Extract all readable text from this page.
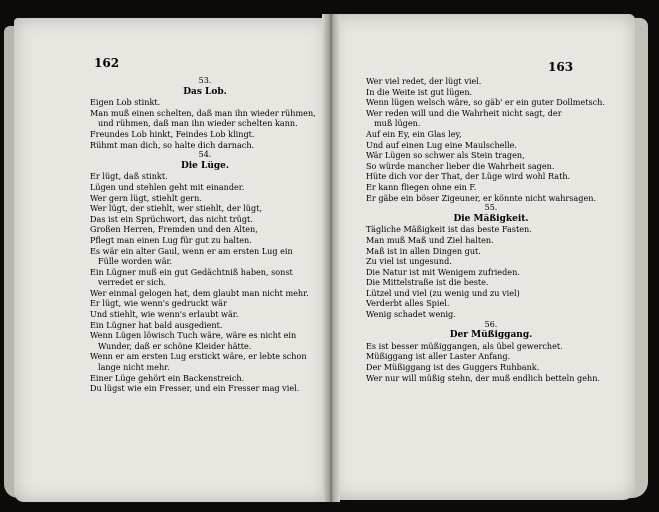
162	163
53.
Das Lob.
Eigen Lob stinkt.
Man muß einen schelten, daß man ihn wieder rühmen,
und rühmen, daß man ihn wieder schelten kann.
Freundes Lob hinkt, Feindes Lob klingt.
Rühmt man dich, so halte dich darnach.
54.
Die Lüge.
Er lügt, daß stinkt.
Lügen und stehlen geht mit einander.
Wer gern lügt, stiehlt gern.
Wer lügt, der stiehlt, wer stiehlt, der lügt,
Das ist ein Sprüchwort, das nicht trügt.
Großen Herren, Fremden und den Alten,
Pflegt man einen Lug für gut zu halten.
Es wär ein alter Gaul, wenn er am ersten Lug ein
Fülle worden wär.
Ein Lügner muß ein gut Gedächtniß haben, sonst
verredet er sich.
Wer einmal gelogen hat, dem glaubt man nicht mehr.
Er lügt, wie wenn's gedruckt wär
Und stiehlt, wie wenn's erlaubt wär.
Ein Lügner hat bald ausgedient.
Wenn Lügen löwisch Tuch wäre, wäre es nicht ein
Wunder, daß er schöne Kleider hätte.
Wenn er am ersten Lug erstickt wäre, er lebte schon
lange nicht mehr.
Einer Lüge gehört ein Backenstreich.
Du lügst wie ein Fresser, und ein Fresser mag viel.
Wer viel redet, der lügt viel.
In die Weite ist gut lügen.
Wenn lügen welsch wäre, so gäb' er ein guter Dollmetsch.
Wer reden will und die Wahrheit nicht sagt, der
muß lügen.
Auf ein Ey, ein Glas ley,
Und auf einen Lug eine Maulschelle.
Wär Lügen so schwer als Stein tragen,
So würde mancher lieber die Wahrheit sagen.
Hüte dich vor der That, der Lüge wird wohl Rath.
Er kann fliegen ohne ein F.
Er gäbe ein böser Zigeuner, er könnte nicht wahrsagen.
55.
Die Mäßigkeit.
Tägliche Mäßigkeit ist das beste Fasten.
Man muß Maß und Ziel halten.
Maß ist in allen Dingen gut.
Zu viel ist ungesund.
Die Natur ist mit Wenigem zufrieden.
Die Mittelstraße ist die beste.
Lützel und viel (zu wenig und zu viel)
Verderbt alles Spiel.
Wenig schadet wenig.
56.
Der Müßiggang.
Es ist besser müßiggangen, als übel gewerchet.
Müßiggang ist aller Laster Anfang.
Der Müßiggang ist des Guggers Ruhbank.
Wer nur will müßig stehn, der muß endlich betteln gehn.
